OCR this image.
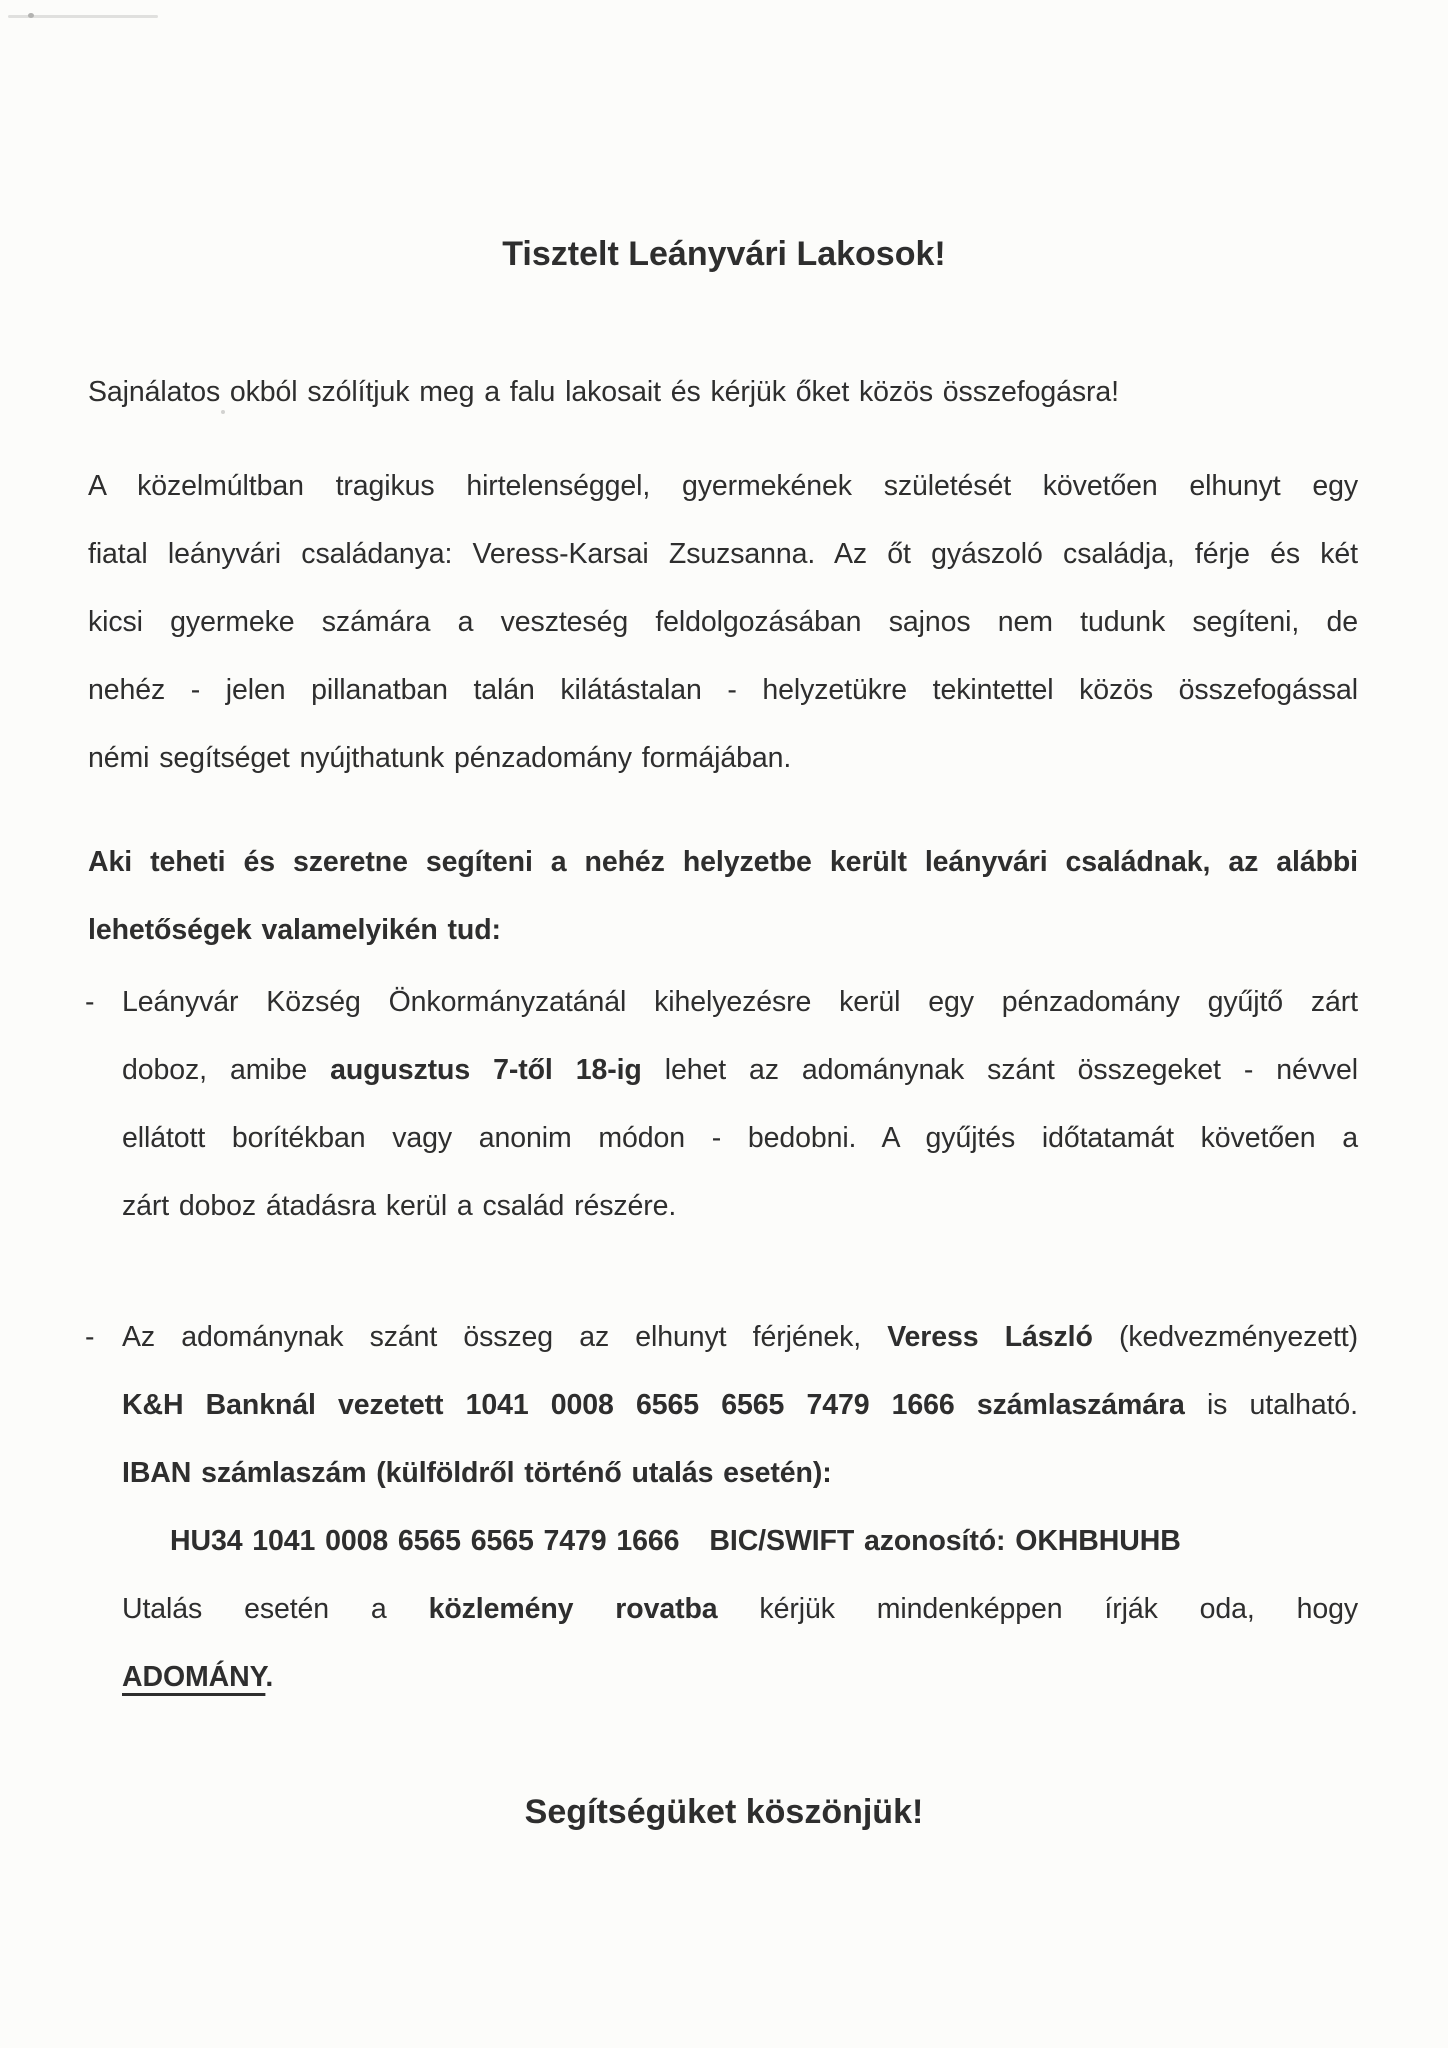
Tisztelt Leányvári Lakosok!
Sajnálatos okból szólítjuk meg a falu lakosait és kérjük őket közös összefogásra!
A közelmúltban tragikus hirtelenséggel, gyermekének születését követően elhunyt egy
fiatal leányvári családanya: Veress-Karsai Zsuzsanna. Az őt gyászoló családja, férje és két
kicsi gyermeke számára a veszteség feldolgozásában sajnos nem tudunk segíteni, de
nehéz - jelen pillanatban talán kilátástalan - helyzetükre tekintettel közös összefogással
némi segítséget nyújthatunk pénzadomány formájában.
Aki teheti és szeretne segíteni a nehéz helyzetbe került leányvári családnak, az alábbi
lehetőségek valamelyikén tud:
- Leányvár Község Önkormányzatánál kihelyezésre kerül egy pénzadomány gyűjtő zárt
doboz, amibe augusztus 7-től 18-ig lehet az adománynak szánt összegeket - névvel
ellátott borítékban vagy anonim módon - bedobni. A gyűjtés időtatamát követően a
zárt doboz átadásra kerül a család részére.
- Az adománynak szánt összeg az elhunyt férjének, Veress László (kedvezményezett)
K&H Banknál vezetett 1041 0008 6565 6565 7479 1666 számlaszámára is utalható.
IBAN számlaszám (külföldről történő utalás esetén):
HU34 1041 0008 6565 6565 7479 1666 BIC/SWIFT azonosító: OKHBHUHB
Utalás esetén a közlemény rovatba kérjük mindenképpen írják oda, hogy
ADOMÁNY.
Segítségüket köszönjük!
